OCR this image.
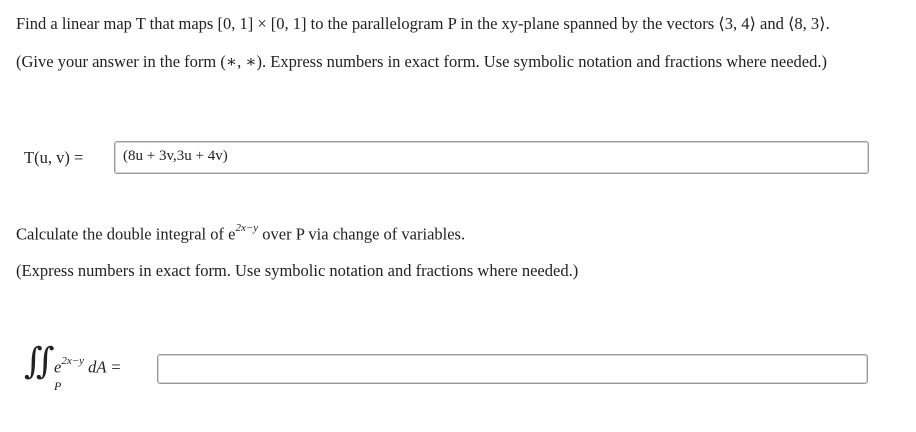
Find a linear map T that maps [0, 1] × [0, 1] to the parallelogram P in the xy-plane spanned by the vectors ⟨3, 4⟩ and ⟨8, 3⟩.
(Give your answer in the form (∗, ∗). Express numbers in exact form. Use symbolic notation and fractions where needed.)
T(u, v) =	(8u + 3v,3u + 4v)
Calculate the double integral of $e^{2x-y}$ over P via change of variables.
(Express numbers in exact form. Use symbolic notation and fractions where needed.)
∬
P
$e^{2x-y}$ dA =
